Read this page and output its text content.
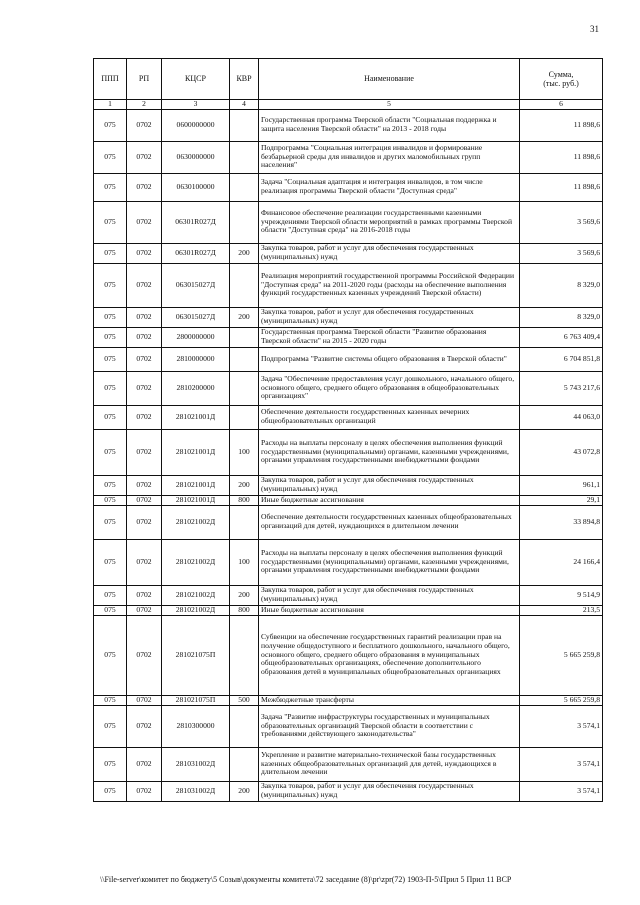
31
ППП	РП	КЦСР	КВР	Наименование	Сумма,
(тыс. руб.)
1	2	3	4	5	6
075	0702	0600000000		Государственная программа Тверской области "Социальная поддержка и защита населения Тверской области" на 2013 - 2018 годы	11 898,6
075	0702	0630000000		Подпрограмма "Социальная интеграция инвалидов и формирование безбарьерной среды для инвалидов и других маломобильных групп населения"	11 898,6
075	0702	0630100000		Задача "Социальная адаптация и интеграция инвалидов, в том числе реализация программы Тверской области "Доступная среда"	11 898,6
075	0702	06301R027Д		Финансовое обеспечение реализации государственными казенными учреждениями Тверской области мероприятий в рамках программы Тверской области "Доступная среда" на 2016-2018 годы	3 569,6
075	0702	06301R027Д	200	Закупка товаров, работ и услуг для обеспечения государственных (муниципальных) нужд	3 569,6
075	0702	063015027Д		Реализация мероприятий государственной программы Российской Федерации "Доступная среда" на 2011-2020 годы (расходы на обеспечение выполнения функций государственных казенных учреждений Тверской области)	8 329,0
075	0702	063015027Д	200	Закупка товаров, работ и услуг для обеспечения государственных (муниципальных) нужд	8 329,0
075	0702	2800000000		Государственная программа Тверской области "Развитие образования Тверской области" на 2015 - 2020 годы	6 763 409,4
075	0702	2810000000		Подпрограмма "Развитие системы общего образования в Тверской области"	6 704 851,8
075	0702	2810200000		Задача "Обеспечение предоставления услуг дошкольного, начального общего, основного общего, среднего общего образования в общеобразовательных организациях"	5 743 217,6
075	0702	281021001Д		Обеспечение деятельности государственных казенных вечерних общеобразовательных организаций	44 063,0
075	0702	281021001Д	100	Расходы на выплаты персоналу в целях обеспечения выполнения функций государственными (муниципальными) органами, казенными учреждениями, органами управления государственными внебюджетными фондами	43 072,8
075	0702	281021001Д	200	Закупка товаров, работ и услуг для обеспечения государственных (муниципальных) нужд	961,1
075	0702	281021001Д	800	Иные бюджетные ассигнования	29,1
075	0702	281021002Д		Обеспечение деятельности государственных казенных общеобразовательных организаций для детей, нуждающихся в длительном лечении	33 894,8
075	0702	281021002Д	100	Расходы на выплаты персоналу в целях обеспечения выполнения функций государственными (муниципальными) органами, казенными учреждениями, органами управления государственными внебюджетными фондами	24 166,4
075	0702	281021002Д	200	Закупка товаров, работ и услуг для обеспечения государственных (муниципальных) нужд	9 514,9
075	0702	281021002Д	800	Иные бюджетные ассигнования	213,5
075	0702	281021075П		Субвенции на обеспечение государственных гарантий реализации прав на получение общедоступного и бесплатного дошкольного, начального общего, основного общего, среднего общего образования в муниципальных общеобразовательных организациях, обеспечение дополнительного образования детей в муниципальных общеобразовательных организациях	5 665 259,8
075	0702	281021075П	500	Межбюджетные трансферты	5 665 259,8
075	0702	2810300000		Задача "Развитие инфраструктуры государственных и муниципальных образовательных организаций Тверской области в соответствии с требованиями действующего законодательства"	3 574,1
075	0702	281031002Д		Укрепление и развитие материально-технической базы государственных казенных общеобразовательных организаций для детей, нуждающихся в длительном лечении	3 574,1
075	0702	281031002Д	200	Закупка товаров, работ и услуг для обеспечения государственных (муниципальных) нужд	3 574,1
\\File-server\комитет по бюджету\5 Созыв\документы комитета\72 заседание (8)\pr\zpr(72) 1903-П-5\Прил 5 Прил 11 ВСР
